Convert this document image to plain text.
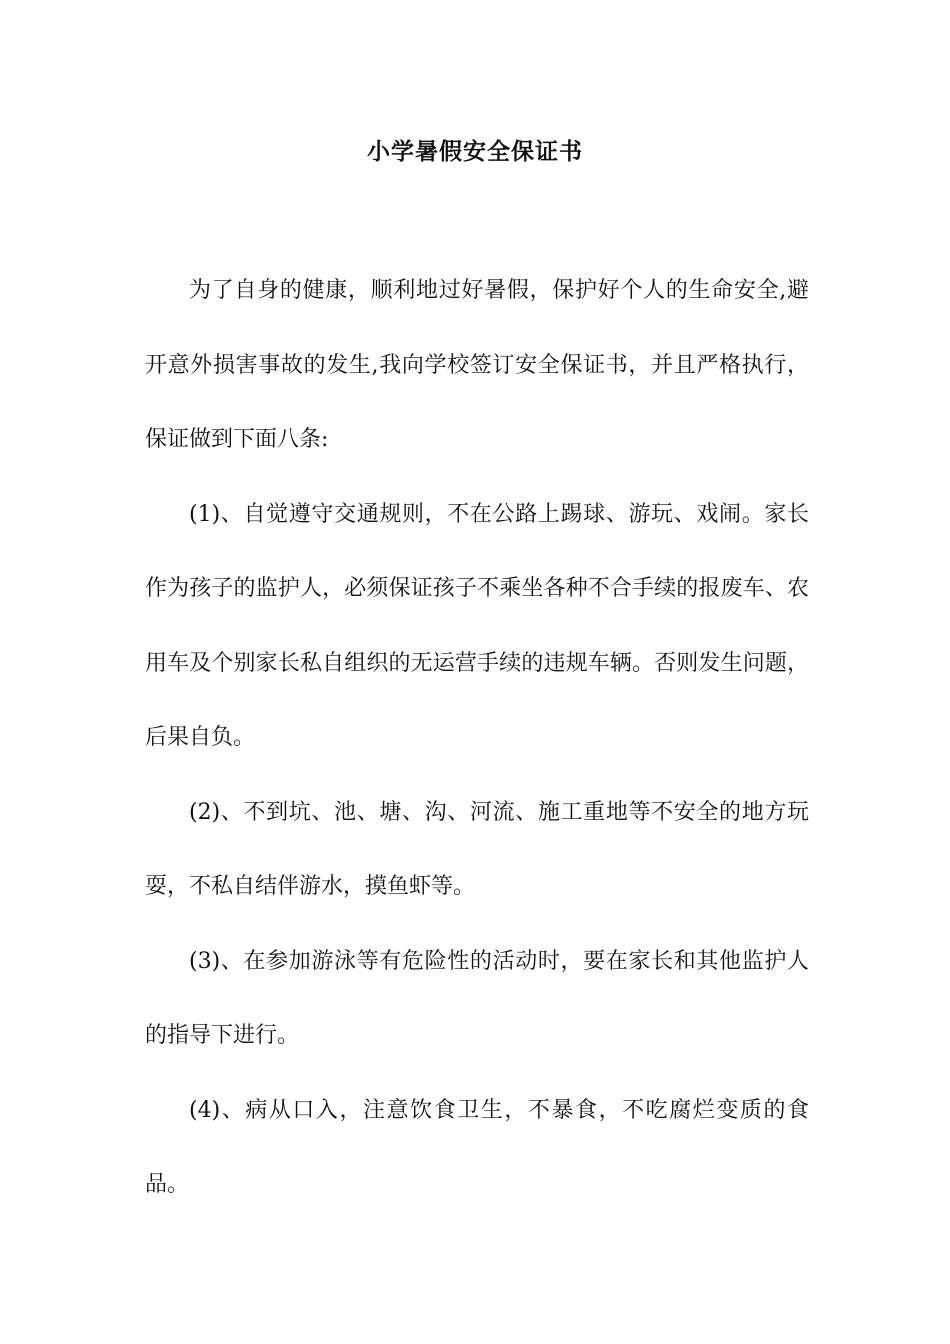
小学暑假安全保证书

为了自身的健康，顺利地过好暑假，保护好个人的生命安全,避开意外损害事故的发生,我向学校签订安全保证书，并且严格执行，保证做到下面八条:

(1)、自觉遵守交通规则，不在公路上踢球、游玩、戏闹。家长作为孩子的监护人，必须保证孩子不乘坐各种不合手续的报废车、农用车及个别家长私自组织的无运营手续的违规车辆。否则发生问题，后果自负。

(2)、不到坑、池、塘、沟、河流、施工重地等不安全的地方玩耍，不私自结伴游水，摸鱼虾等。

(3)、在参加游泳等有危险性的活动时，要在家长和其他监护人的指导下进行。

(4)、病从口入，注意饮食卫生，不暴食，不吃腐烂变质的食品。
